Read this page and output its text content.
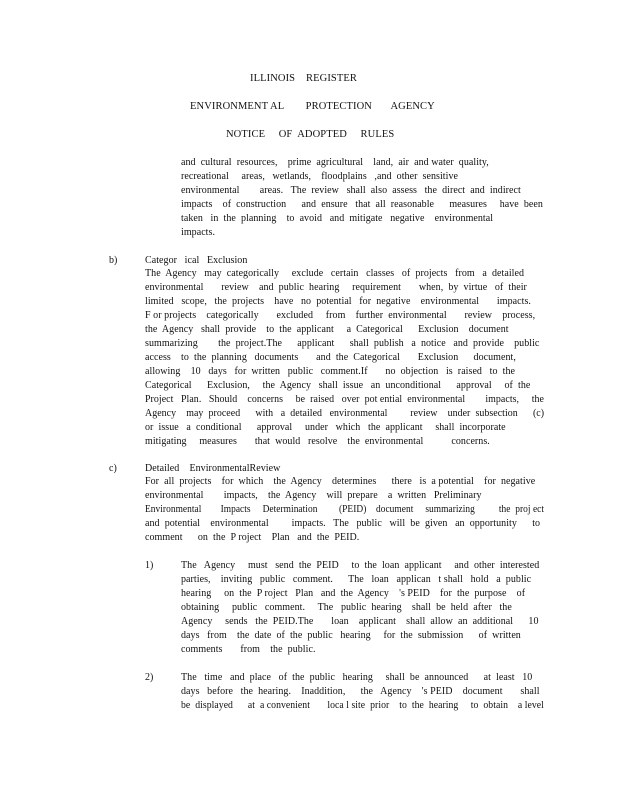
ILLINOIS    REGISTER
ENVIRONMENT AL        PROTECTION       AGENCY
NOTICE     OF  ADOPTED     RULES
and  cultural  resources,    prime  agricultural    land,  air  and water  quality,
recreational     areas,   wetlands,    floodplains   ,and  other  sensitive
environmental        areas.   The  review   shall  also  assess   the  direct  and  indirect
impacts    of  construction      and  ensure   that  all  reasonable      measures     have  been
taken   in  the  planning    to  avoid   and  mitigate   negative    environmental
impacts.
b)	Categor   ical   Exclusion
The  Agency   may  categorically     exclude   certain   classes   of  projects   from   a  detailed
environmental       review    and  public  hearing     requirement       when,  by  virtue   of  their
limited   scope,   the  projects    have   no  potential   for  negative    environmental       impacts.
F or projects    categorically       excluded     from    further  environmental       review    process,
the  Agency   shall  provide    to  the  applicant     a  Categorical      Exclusion    document
summarizing        the  project.The      applicant      shall  publish   a  notice   and  provide    public
access    to  the  planning   documents       and  the  Categorical       Exclusion      document,
allowing    10   days   for  written   public   comment.If       no  objection   is  raised   to  the
Categorical      Exclusion,     the  Agency   shall  issue   an  unconditional      approval     of  the
Project   Plan.   Should    concerns     be  raised   over  pot ential  environmental        impacts,     the
Agency    may  proceed      with   a  detailed   environmental         review    under  subsection      (c)
or  issue   a  conditional      approval     under   which   the  applicant     shall  incorporate
mitigating     measures       that  would   resolve    the  environmental           concerns.
c)	Detailed    EnvironmentalReview
For  all  projects    for  which    the  Agency    determines      there   is  a potential    for  negative
environmental        impacts,    the  Agency    will  prepare    a  written   Preliminary
Environmental        Impacts     Determination         (PEID)    document     summarizing          the  proj ect
and  potential    environmental         impacts.   The   public   will  be  given   an  opportunity      to
comment      on  the  P roject    Plan   and  the  PEID.
1)	The   Agency     must   send  the  PEID     to  the  loan  applicant     and  other  interested
parties,    inviting   public   comment.      The   loan   applican   t shall   hold   a  public
hearing     on  the  P roject   Plan   and  the  Agency    's PEID    for  the  purpose    of
obtaining     public   comment.     The   public  hearing    shall  be  held  after   the
Agency     sends   the  PEID.The       loan    applicant    shall  allow  an  additional      10
days   from    the  date  of  the  public   hearing     for  the  submission      of  written
comments       from    the  public.
2)	The   time   and  place   of  the  public   hearing     shall  be  announced      at  least   10
days   before   the  hearing.    Inaddition,      the   Agency    's PEID    document       shall
be  displayed      at  a convenient       loca l site  prior    to  the  hearing     to  obtain    a level
